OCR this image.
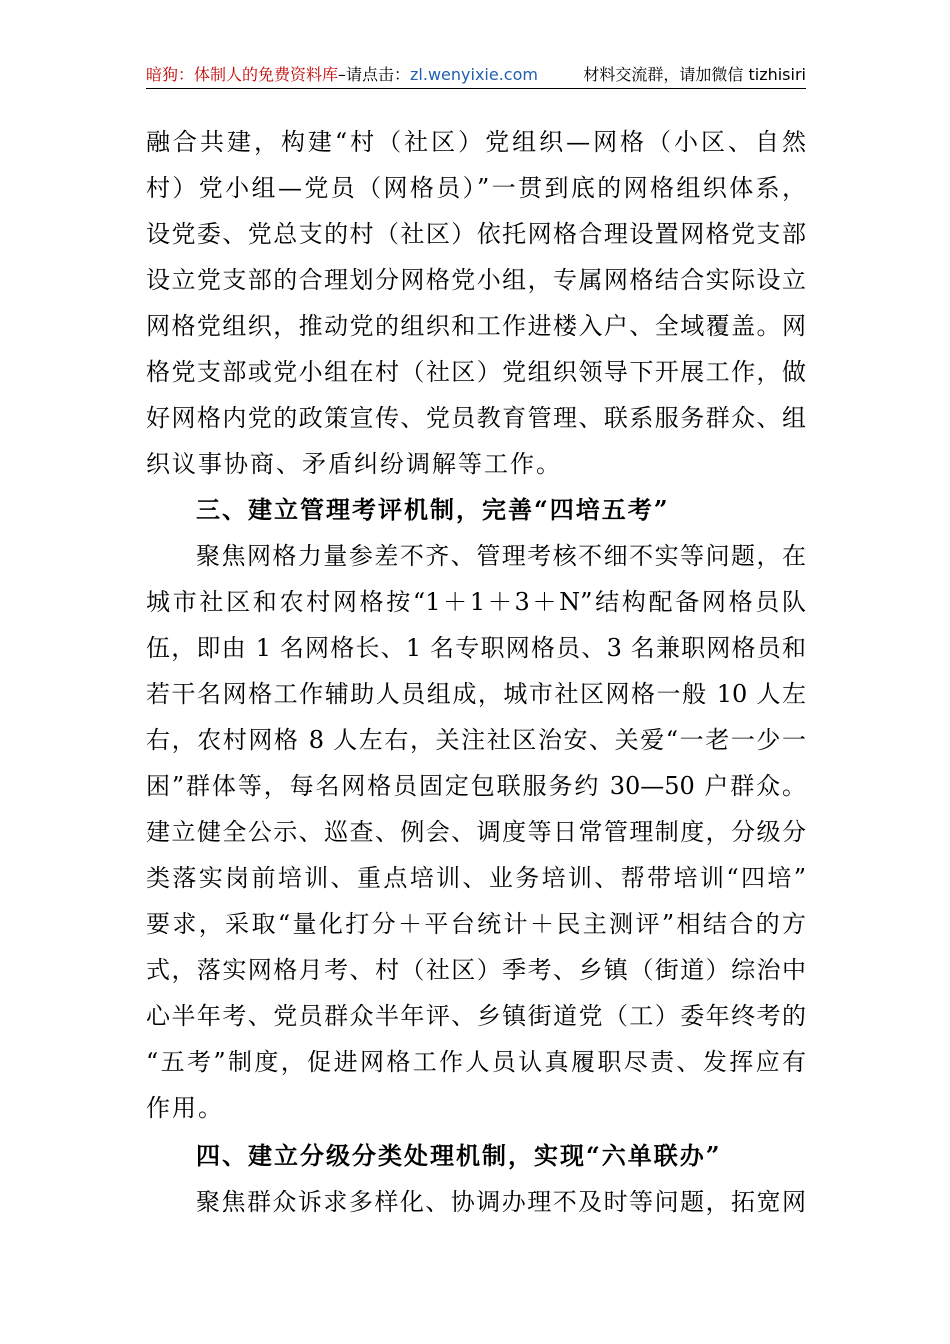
暗狗：体制人的免费资料库–请点击：zl.wenyixie.com	材料交流群，请加微信 tizhisiri
融合共建，构建“村（社区）党组织—网格（小区、自然
村）党小组—党员（网格员）”一贯到底的网格组织体系，
设党委、党总支的村（社区）依托网格合理设置网格党支部
设立党支部的合理划分网格党小组，专属网格结合实际设立
网格党组织，推动党的组织和工作进楼入户、全域覆盖。网
格党支部或党小组在村（社区）党组织领导下开展工作，做
好网格内党的政策宣传、党员教育管理、联系服务群众、组
织议事协商、矛盾纠纷调解等工作。
三、建立管理考评机制，完善“四培五考”
聚焦网格力量参差不齐、管理考核不细不实等问题，在
城市社区和农村网格按“1＋1＋3＋N”结构配备网格员队
伍，即由 1 名网格长、1 名专职网格员、3 名兼职网格员和
若干名网格工作辅助人员组成，城市社区网格一般 10 人左
右，农村网格 8 人左右，关注社区治安、关爱“一老一少一
困”群体等，每名网格员固定包联服务约 30—50 户群众。
建立健全公示、巡查、例会、调度等日常管理制度，分级分
类落实岗前培训、重点培训、业务培训、帮带培训“四培”
要求，采取“量化打分＋平台统计＋民主测评”相结合的方
式，落实网格月考、村（社区）季考、乡镇（街道）综治中
心半年考、党员群众半年评、乡镇街道党（工）委年终考的
“五考”制度，促进网格工作人员认真履职尽责、发挥应有
作用。
四、建立分级分类处理机制，实现“六单联办”
聚焦群众诉求多样化、协调办理不及时等问题，拓宽网
